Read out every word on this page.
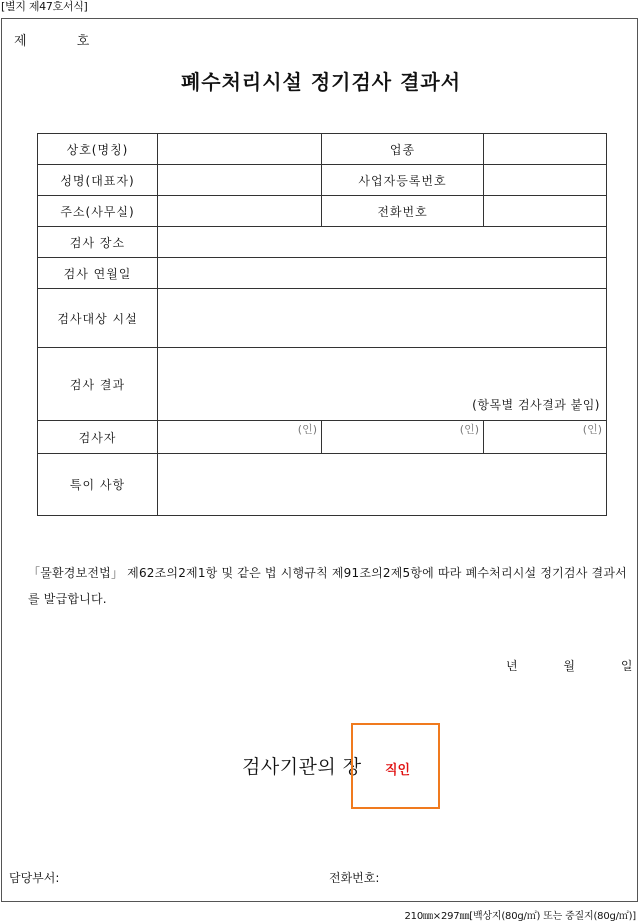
[별지 제47호서식]
제	호
폐수처리시설 정기검사 결과서
상호(명칭)		업종	
성명(대표자)		사업자등록번호	
주소(사무실)		전화번호	
검사 장소			
검사 연월일			
검사대상 시설			
검사 결과	(항목별 검사결과 붙임)		

검사자	(인)	(인)	(인)
특이 사항			
「물환경보전법」 제62조의2제1항 및 같은 법 시행규칙 제91조의2제5항에 따라 폐수처리시설 정기검사 결과서를 발급합니다.
년	월	일
검사기관의 장 직인
담당부서:	전화번호:
210㎜×297㎜[백상지(80g/㎡) 또는 중질지(80g/㎡)]
